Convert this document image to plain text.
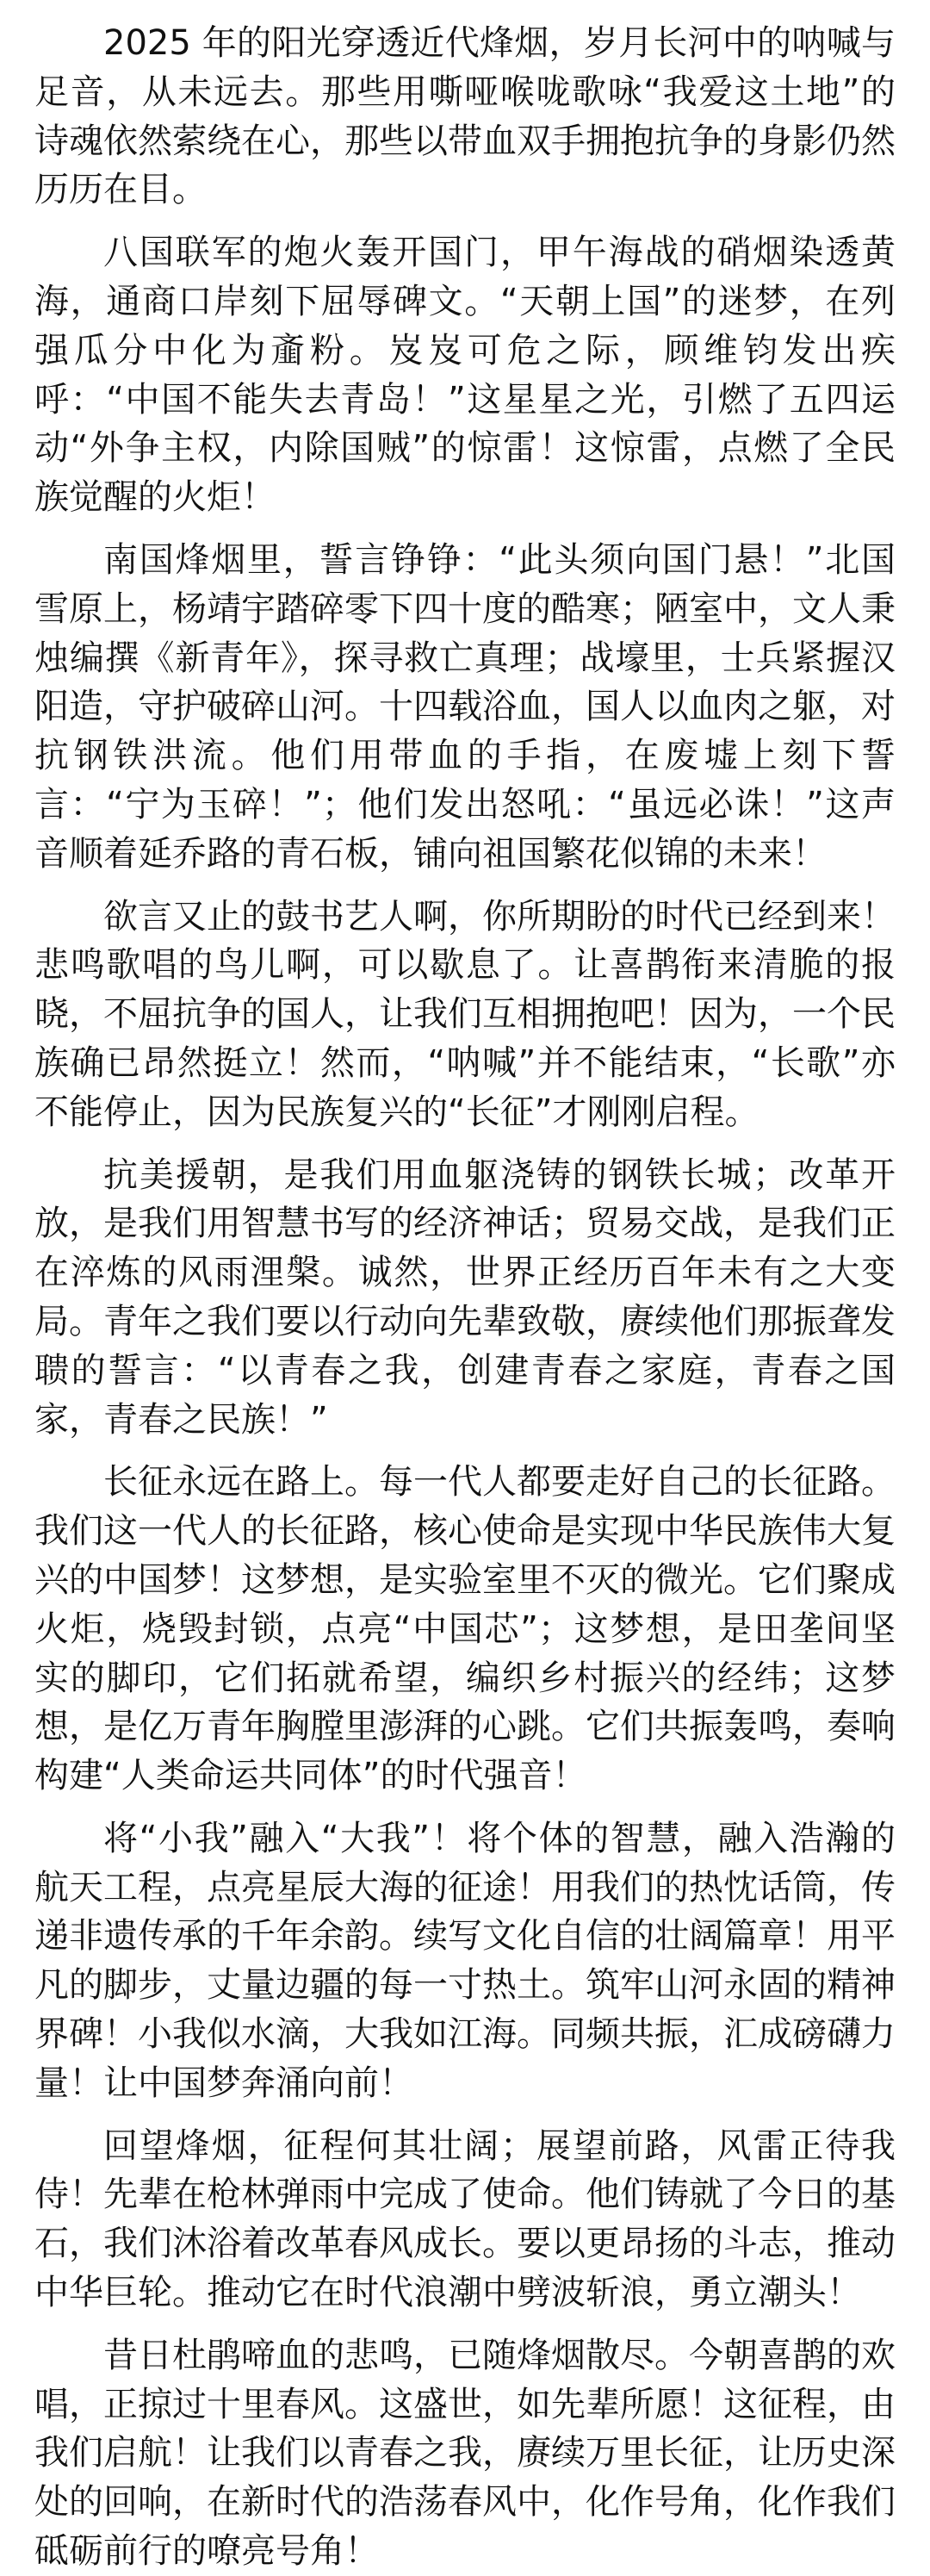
2025 年的阳光穿透近代烽烟，岁月长河中的呐喊与足音，从未远去。那些用嘶哑喉咙歌咏“我爱这土地”的诗魂依然萦绕在心，那些以带血双手拥抱抗争的身影仍然历历在目。

八国联军的炮火轰开国门，甲午海战的硝烟染透黄海，通商口岸刻下屈辱碑文。“天朝上国”的迷梦，在列强瓜分中化为齑粉。岌岌可危之际，顾维钧发出疾呼：“中国不能失去青岛！”这星星之光，引燃了五四运动“外争主权，内除国贼”的惊雷！这惊雷，点燃了全民族觉醒的火炬！

南国烽烟里，誓言铮铮：“此头须向国门悬！”北国雪原上，杨靖宇踏碎零下四十度的酷寒；陋室中，文人秉烛编撰《新青年》，探寻救亡真理；战壕里，士兵紧握汉阳造，守护破碎山河。十四载浴血，国人以血肉之躯，对抗钢铁洪流。他们用带血的手指，在废墟上刻下誓言：“宁为玉碎！”；他们发出怒吼：“虽远必诛！”这声音顺着延乔路的青石板，铺向祖国繁花似锦的未来！

欲言又止的鼓书艺人啊，你所期盼的时代已经到来！悲鸣歌唱的鸟儿啊，可以歇息了。让喜鹊衔来清脆的报晓，不屈抗争的国人，让我们互相拥抱吧！因为，一个民族确已昂然挺立！然而，“呐喊”并不能结束，“长歌”亦不能停止，因为民族复兴的“长征”才刚刚启程。

抗美援朝，是我们用血躯浇铸的钢铁长城；改革开放，是我们用智慧书写的经济神话；贸易交战，是我们正在淬炼的风雨浬槃。诚然，世界正经历百年未有之大变局。青年之我们要以行动向先辈致敬，赓续他们那振聋发聩的誓言：“以青春之我，创建青春之家庭，青春之国家，青春之民族！”

长征永远在路上。每一代人都要走好自己的长征路。我们这一代人的长征路，核心使命是实现中华民族伟大复兴的中国梦！这梦想，是实验室里不灭的微光。它们聚成火炬，烧毁封锁，点亮“中国芯”；这梦想，是田垄间坚实的脚印，它们拓就希望，编织乡村振兴的经纬；这梦想，是亿万青年胸膛里澎湃的心跳。它们共振轰鸣，奏响构建“人类命运共同体”的时代强音！

将“小我”融入“大我”！将个体的智慧，融入浩瀚的航天工程，点亮星辰大海的征途！用我们的热忱话筒，传递非遗传承的千年余韵。续写文化自信的壮阔篇章！用平凡的脚步，丈量边疆的每一寸热土。筑牢山河永固的精神界碑！小我似水滴，大我如江海。同频共振，汇成磅礴力量！让中国梦奔涌向前！

回望烽烟，征程何其壮阔；展望前路，风雷正待我侍！先辈在枪林弹雨中完成了使命。他们铸就了今日的基石，我们沐浴着改革春风成长。要以更昂扬的斗志，推动中华巨轮。推动它在时代浪潮中劈波斩浪，勇立潮头！

昔日杜鹃啼血的悲鸣，已随烽烟散尽。今朝喜鹊的欢唱，正掠过十里春风。这盛世，如先辈所愿！这征程，由我们启航！让我们以青春之我，赓续万里长征，让历史深处的回响，在新时代的浩荡春风中，化作号角，化作我们砥砺前行的嘹亮号角！
